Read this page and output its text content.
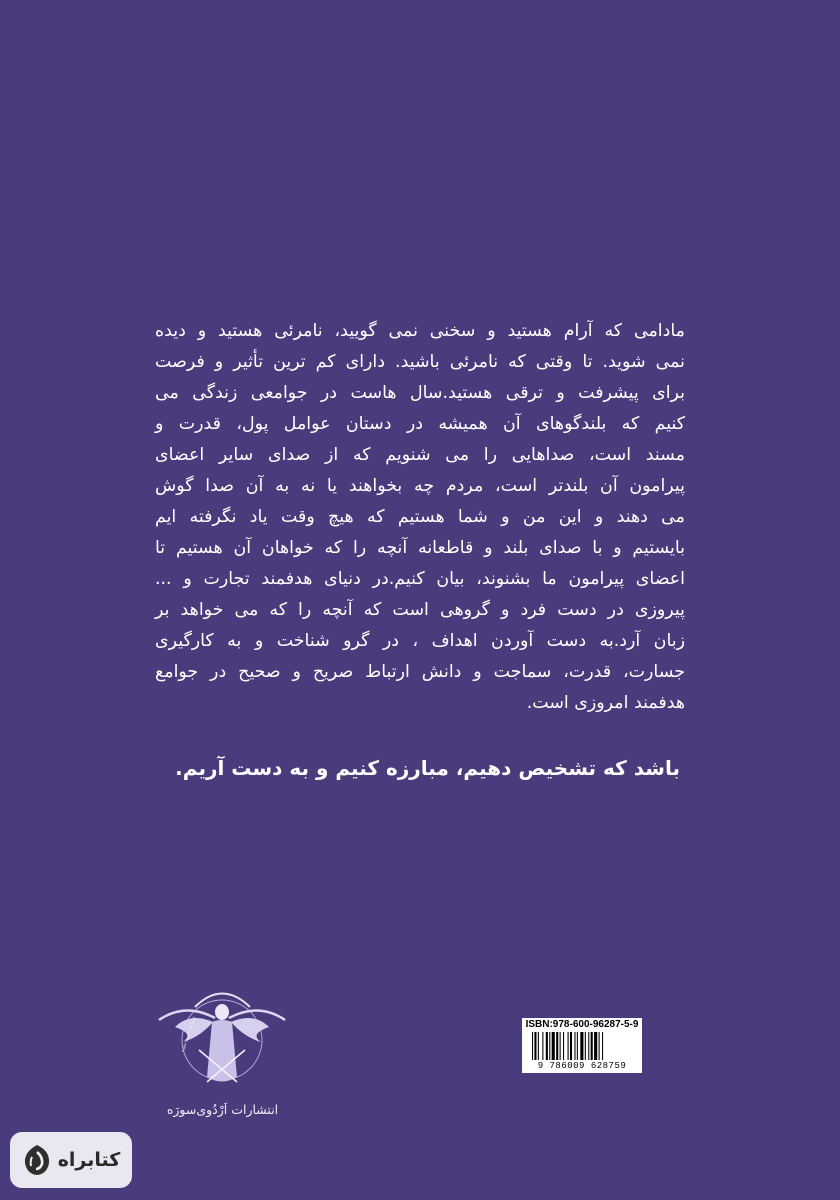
مادامی که آرام هستید و سخنی نمی گویید، نامرئی هستید و دیده
نمی شوید. تا وقتی که نامرئی باشید. دارای کم ترین تأثیر و فرصت
برای پیشرفت و ترقی هستید.سال هاست در جوامعی زندگی می
کنیم که بلندگوهای آن همیشه در دستان عوامل پول، قدرت و
مسند است، صداهایی را می شنویم که از صدای سایر اعضای
پیرامون آن بلندتر است، مردم چه بخواهند یا نه به آن صدا گوش
می دهند و این من و شما هستیم که هیچ وقت یاد نگرفته ایم
بایستیم و با صدای بلند و قاطعانه آنچه را که خواهان آن هستیم تا
اعضای پیرامون ما بشنوند، بیان کنیم.در دنیای هدفمند تجارت و ...
پیروزی در دست فرد و گروهی است که آنچه را که می خواهد بر
زبان آرد.به دست آوردن اهداف ، در گرو شناخت و به کارگیری
جسارت، قدرت، سماجت و دانش ارتباط صریح و صحیح در جوامع
هدفمند امروزی است.
باشد که تشخیص دهیم، مبارزه کنیم و به دست آریم.
انتشارات اردوی سوره
انتشارات اَرْدُوی‌سورَه
ISBN:978-600-96287-5-9
9 786009 628759
کتابراه
